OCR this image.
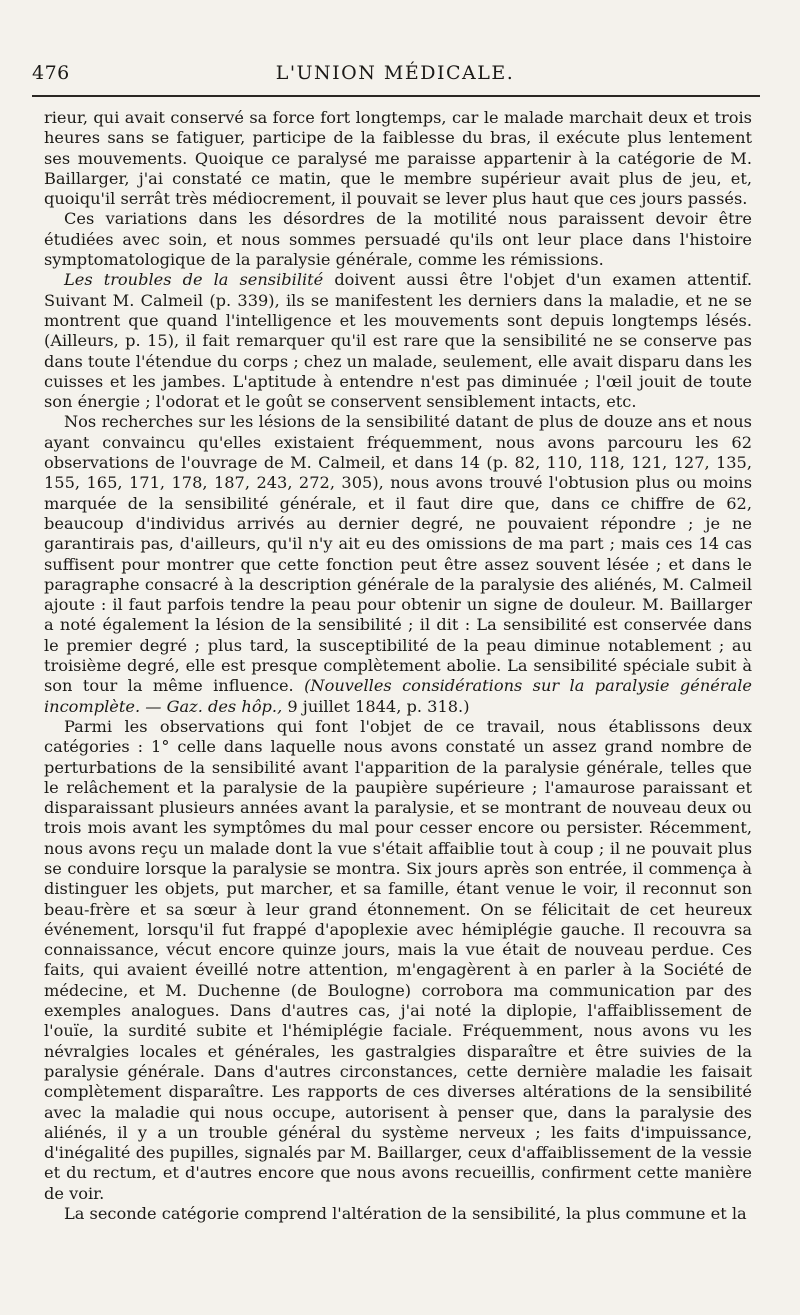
476	L'UNION MÉDICALE.

rieur, qui avait conservé sa force fort longtemps, car le malade marchait deux et trois heures sans se fatiguer, participe de la faiblesse du bras, il exécute plus lentement ses mouvements. Quoique ce paralysé me paraisse appartenir à la catégorie de M. Baillarger, j'ai constaté ce matin, que le membre supérieur avait plus de jeu, et, quoiqu'il serrât très médiocrement, il pouvait se lever plus haut que ces jours passés.

Ces variations dans les désordres de la motilité nous paraissent devoir être étudiées avec soin, et nous sommes persuadé qu'ils ont leur place dans l'histoire symptomatologique de la paralysie générale, comme les rémissions.

Les troubles de la sensibilité doivent aussi être l'objet d'un examen attentif. Suivant M. Calmeil (p. 339), ils se manifestent les derniers dans la maladie, et ne se montrent que quand l'intelligence et les mouvements sont depuis longtemps lésés. (Ailleurs, p. 15), il fait remarquer qu'il est rare que la sensibilité ne se conserve pas dans toute l'étendue du corps ; chez un malade, seulement, elle avait disparu dans les cuisses et les jambes. L'aptitude à entendre n'est pas diminuée ; l'œil jouit de toute son énergie ; l'odorat et le goût se conservent sensiblement intacts, etc.

Nos recherches sur les lésions de la sensibilité datant de plus de douze ans et nous ayant convaincu qu'elles existaient fréquemment, nous avons parcouru les 62 observations de l'ouvrage de M. Calmeil, et dans 14 (p. 82, 110, 118, 121, 127, 135, 155, 165, 171, 178, 187, 243, 272, 305), nous avons trouvé l'obtusion plus ou moins marquée de la sensibilité générale, et il faut dire que, dans ce chiffre de 62, beaucoup d'individus arrivés au dernier degré, ne pouvaient répondre ; je ne garantirais pas, d'ailleurs, qu'il n'y ait eu des omissions de ma part ; mais ces 14 cas suffisent pour montrer que cette fonction peut être assez souvent lésée ; et dans le paragraphe consacré à la description générale de la paralysie des aliénés, M. Calmeil ajoute : il faut parfois tendre la peau pour obtenir un signe de douleur. M. Baillarger a noté également la lésion de la sensibilité ; il dit : La sensibilité est conservée dans le premier degré ; plus tard, la susceptibilité de la peau diminue notablement ; au troisième degré, elle est presque complètement abolie. La sensibilité spéciale subit à son tour la même influence. (Nouvelles considérations sur la paralysie générale incomplète. — Gaz. des hôp., 9 juillet 1844, p. 318.)

Parmi les observations qui font l'objet de ce travail, nous établissons deux catégories : 1° celle dans laquelle nous avons constaté un assez grand nombre de perturbations de la sensibilité avant l'apparition de la paralysie générale, telles que le relâchement et la paralysie de la paupière supérieure ; l'amaurose paraissant et disparaissant plusieurs années avant la paralysie, et se montrant de nouveau deux ou trois mois avant les symptômes du mal pour cesser encore ou persister. Récemment, nous avons reçu un malade dont la vue s'était affaiblie tout à coup ; il ne pouvait plus se conduire lorsque la paralysie se montra. Six jours après son entrée, il commença à distinguer les objets, put marcher, et sa famille, étant venue le voir, il reconnut son beau-frère et sa sœur à leur grand étonnement. On se félicitait de cet heureux événement, lorsqu'il fut frappé d'apoplexie avec hémiplégie gauche. Il recouvra sa connaissance, vécut encore quinze jours, mais la vue était de nouveau perdue. Ces faits, qui avaient éveillé notre attention, m'engagèrent à en parler à la Société de médecine, et M. Duchenne (de Boulogne) corrobora ma communication par des exemples analogues. Dans d'autres cas, j'ai noté la diplopie, l'affaiblissement de l'ouïe, la surdité subite et l'hémiplégie faciale. Fréquemment, nous avons vu les névralgies locales et générales, les gastralgies disparaître et être suivies de la paralysie générale. Dans d'autres circonstances, cette dernière maladie les faisait complètement disparaître. Les rapports de ces diverses altérations de la sensibilité avec la maladie qui nous occupe, autorisent à penser que, dans la paralysie des aliénés, il y a un trouble général du système nerveux ; les faits d'impuissance, d'inégalité des pupilles, signalés par M. Baillarger, ceux d'affaiblissement de la vessie et du rectum, et d'autres encore que nous avons recueillis, confirment cette manière de voir.

La seconde catégorie comprend l'altération de la sensibilité, la plus commune et la
